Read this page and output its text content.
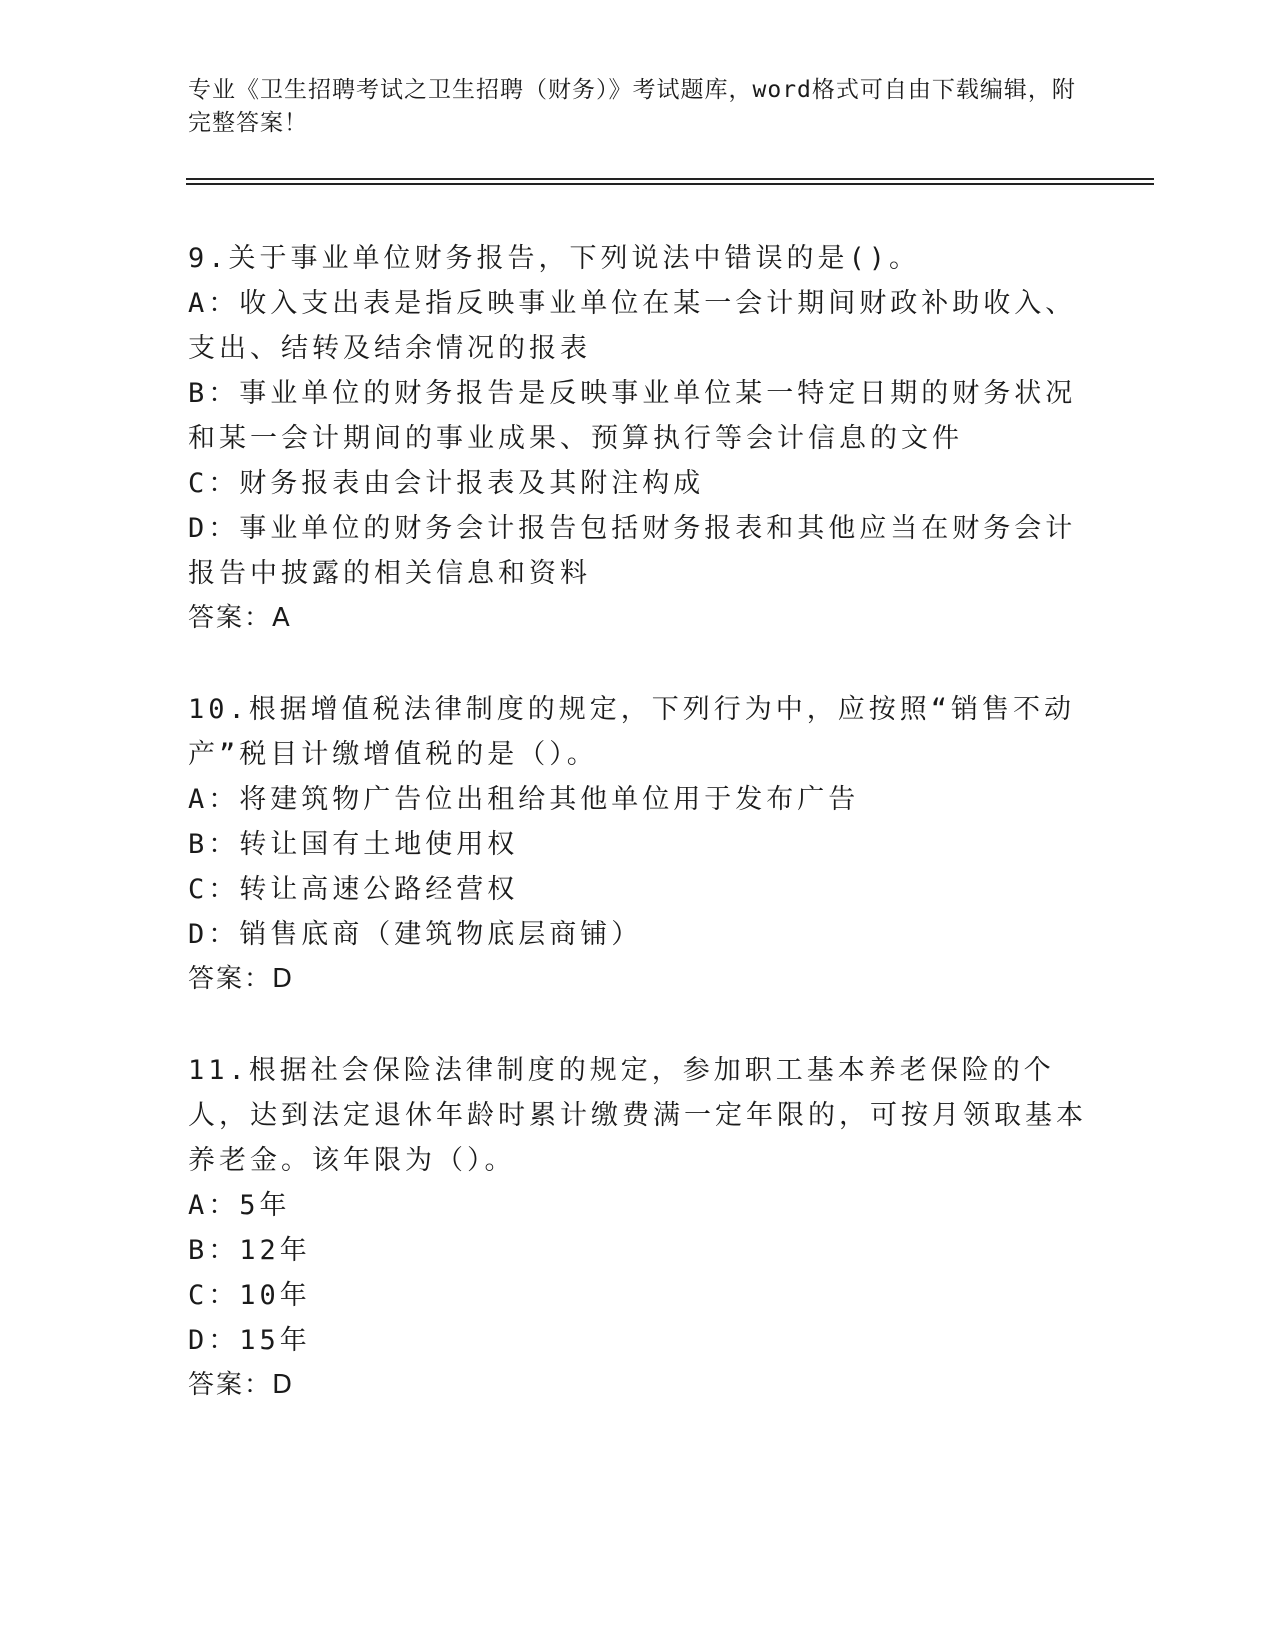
专业《卫生招聘考试之卫生招聘（财务）》考试题库，word格式可自由下载编辑，附完整答案！
9.关于事业单位财务报告，下列说法中错误的是()。
A：收入支出表是指反映事业单位在某一会计期间财政补助收入、支出、结转及结余情况的报表
B：事业单位的财务报告是反映事业单位某一特定日期的财务状况和某一会计期间的事业成果、预算执行等会计信息的文件
C：财务报表由会计报表及其附注构成
D：事业单位的财务会计报告包括财务报表和其他应当在财务会计报告中披露的相关信息和资料
答案：A
10.根据增值税法律制度的规定，下列行为中，应按照“销售不动产”税目计缴增值税的是（）。
A：将建筑物广告位出租给其他单位用于发布广告
B：转让国有土地使用权
C：转让高速公路经营权
D：销售底商（建筑物底层商铺）
答案：D
11.根据社会保险法律制度的规定，参加职工基本养老保险的个人，达到法定退休年龄时累计缴费满一定年限的，可按月领取基本养老金。该年限为（）。
A：5年
B：12年
C：10年
D：15年
答案：D
